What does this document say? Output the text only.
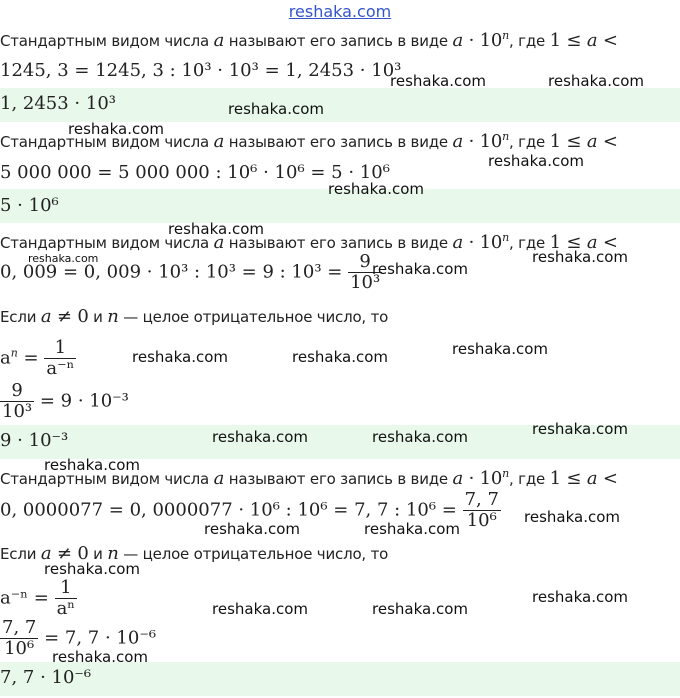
reshaka.com
Стандартным видом числа a называют его запись в виде $a \cdot 10^n$, где 1 ≤ a <
1245, 3 = 1245, 3 : 10³ · 10³ = 1, 2453 · 10³
1, 2453 · 10³
Стандартным видом числа a называют его запись в виде $a \cdot 10^n$, где 1 ≤ a <
5 000 000 = 5 000 000 : 10⁶ · 10⁶ = 5 · 10⁶
5 · 10⁶
Стандартным видом числа a называют его запись в виде $a \cdot 10^n$, где 1 ≤ a <
0, 009 = 0, 009 · 10³ : 10³ = 9 : $10^3 = \frac{9}{\text{10³}}$
Если a ≠ 0 и n — целое отрицательное число, то
$a^n = \frac{1}{\text{a⁻ⁿ}}$
$\frac{9}{\text{10³}} = 9 \cdot 10^{-3}$
9 · 10⁻³
Стандартным видом числа a называют его запись в виде $a \cdot 10^n$, где 1 ≤ a <
0, 0000077 = 0, 0000077 · 10⁶ : 10⁶ = 7, 7 : $10^6 = \frac{7, 7}{\text{10⁶}}$
Если a ≠ 0 и n — целое отрицательное число, то
$a^{-n} = \frac{1}{\text{aⁿ}}$
$\frac{7, 7}{\text{10⁶}} = 7$, 7 · 10⁻⁶
7, 7 · 10⁻⁶
reshaka.com	reshaka.com
reshaka.com
reshaka.com
reshaka.com
reshaka.com
reshaka.com
reshaka.com	reshaka.com
reshaka.com
reshaka.com	reshaka.com	reshaka.com
reshaka.com	reshaka.com	reshaka.com
reshaka.com
reshaka.com	reshaka.com
reshaka.com
reshaka.com
reshaka.com	reshaka.com
reshaka.com
reshaka.com
